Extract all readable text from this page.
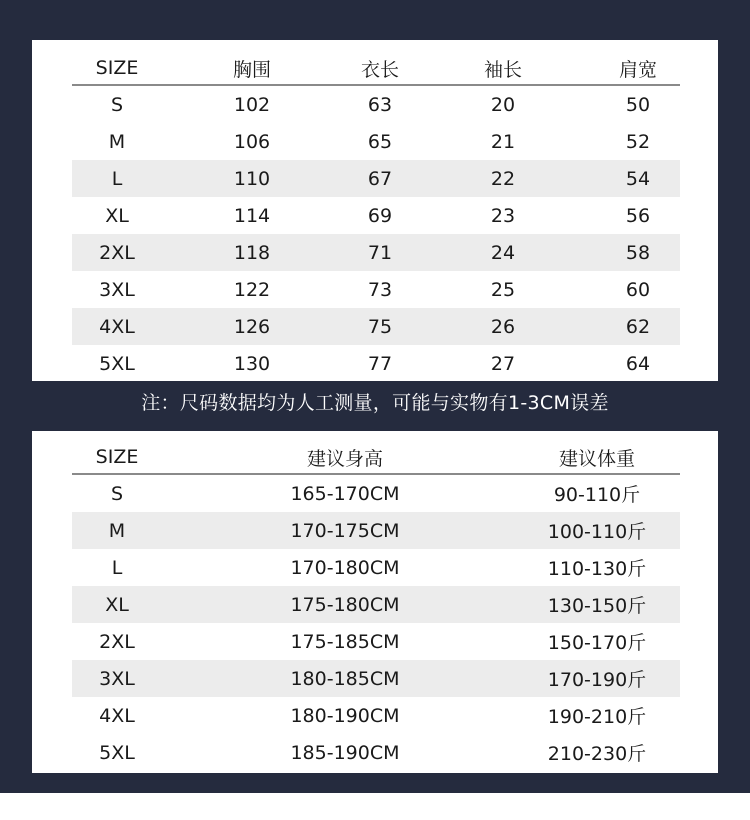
SIZE	胸围	衣长	袖长	肩宽
S	102	63	20	50
M	106	65	21	52
L	110	67	22	54
XL	114	69	23	56
2XL	118	71	24	58
3XL	122	73	25	60
4XL	126	75	26	62
5XL	130	77	27	64
注：尺码数据均为人工测量，可能与实物有1-3CM误差
SIZE	建议身高	建议体重
S	165-170CM	90-110斤
M	170-175CM	100-110斤
L	170-180CM	110-130斤
XL	175-180CM	130-150斤
2XL	175-185CM	150-170斤
3XL	180-185CM	170-190斤
4XL	180-190CM	190-210斤
5XL	185-190CM	210-230斤
